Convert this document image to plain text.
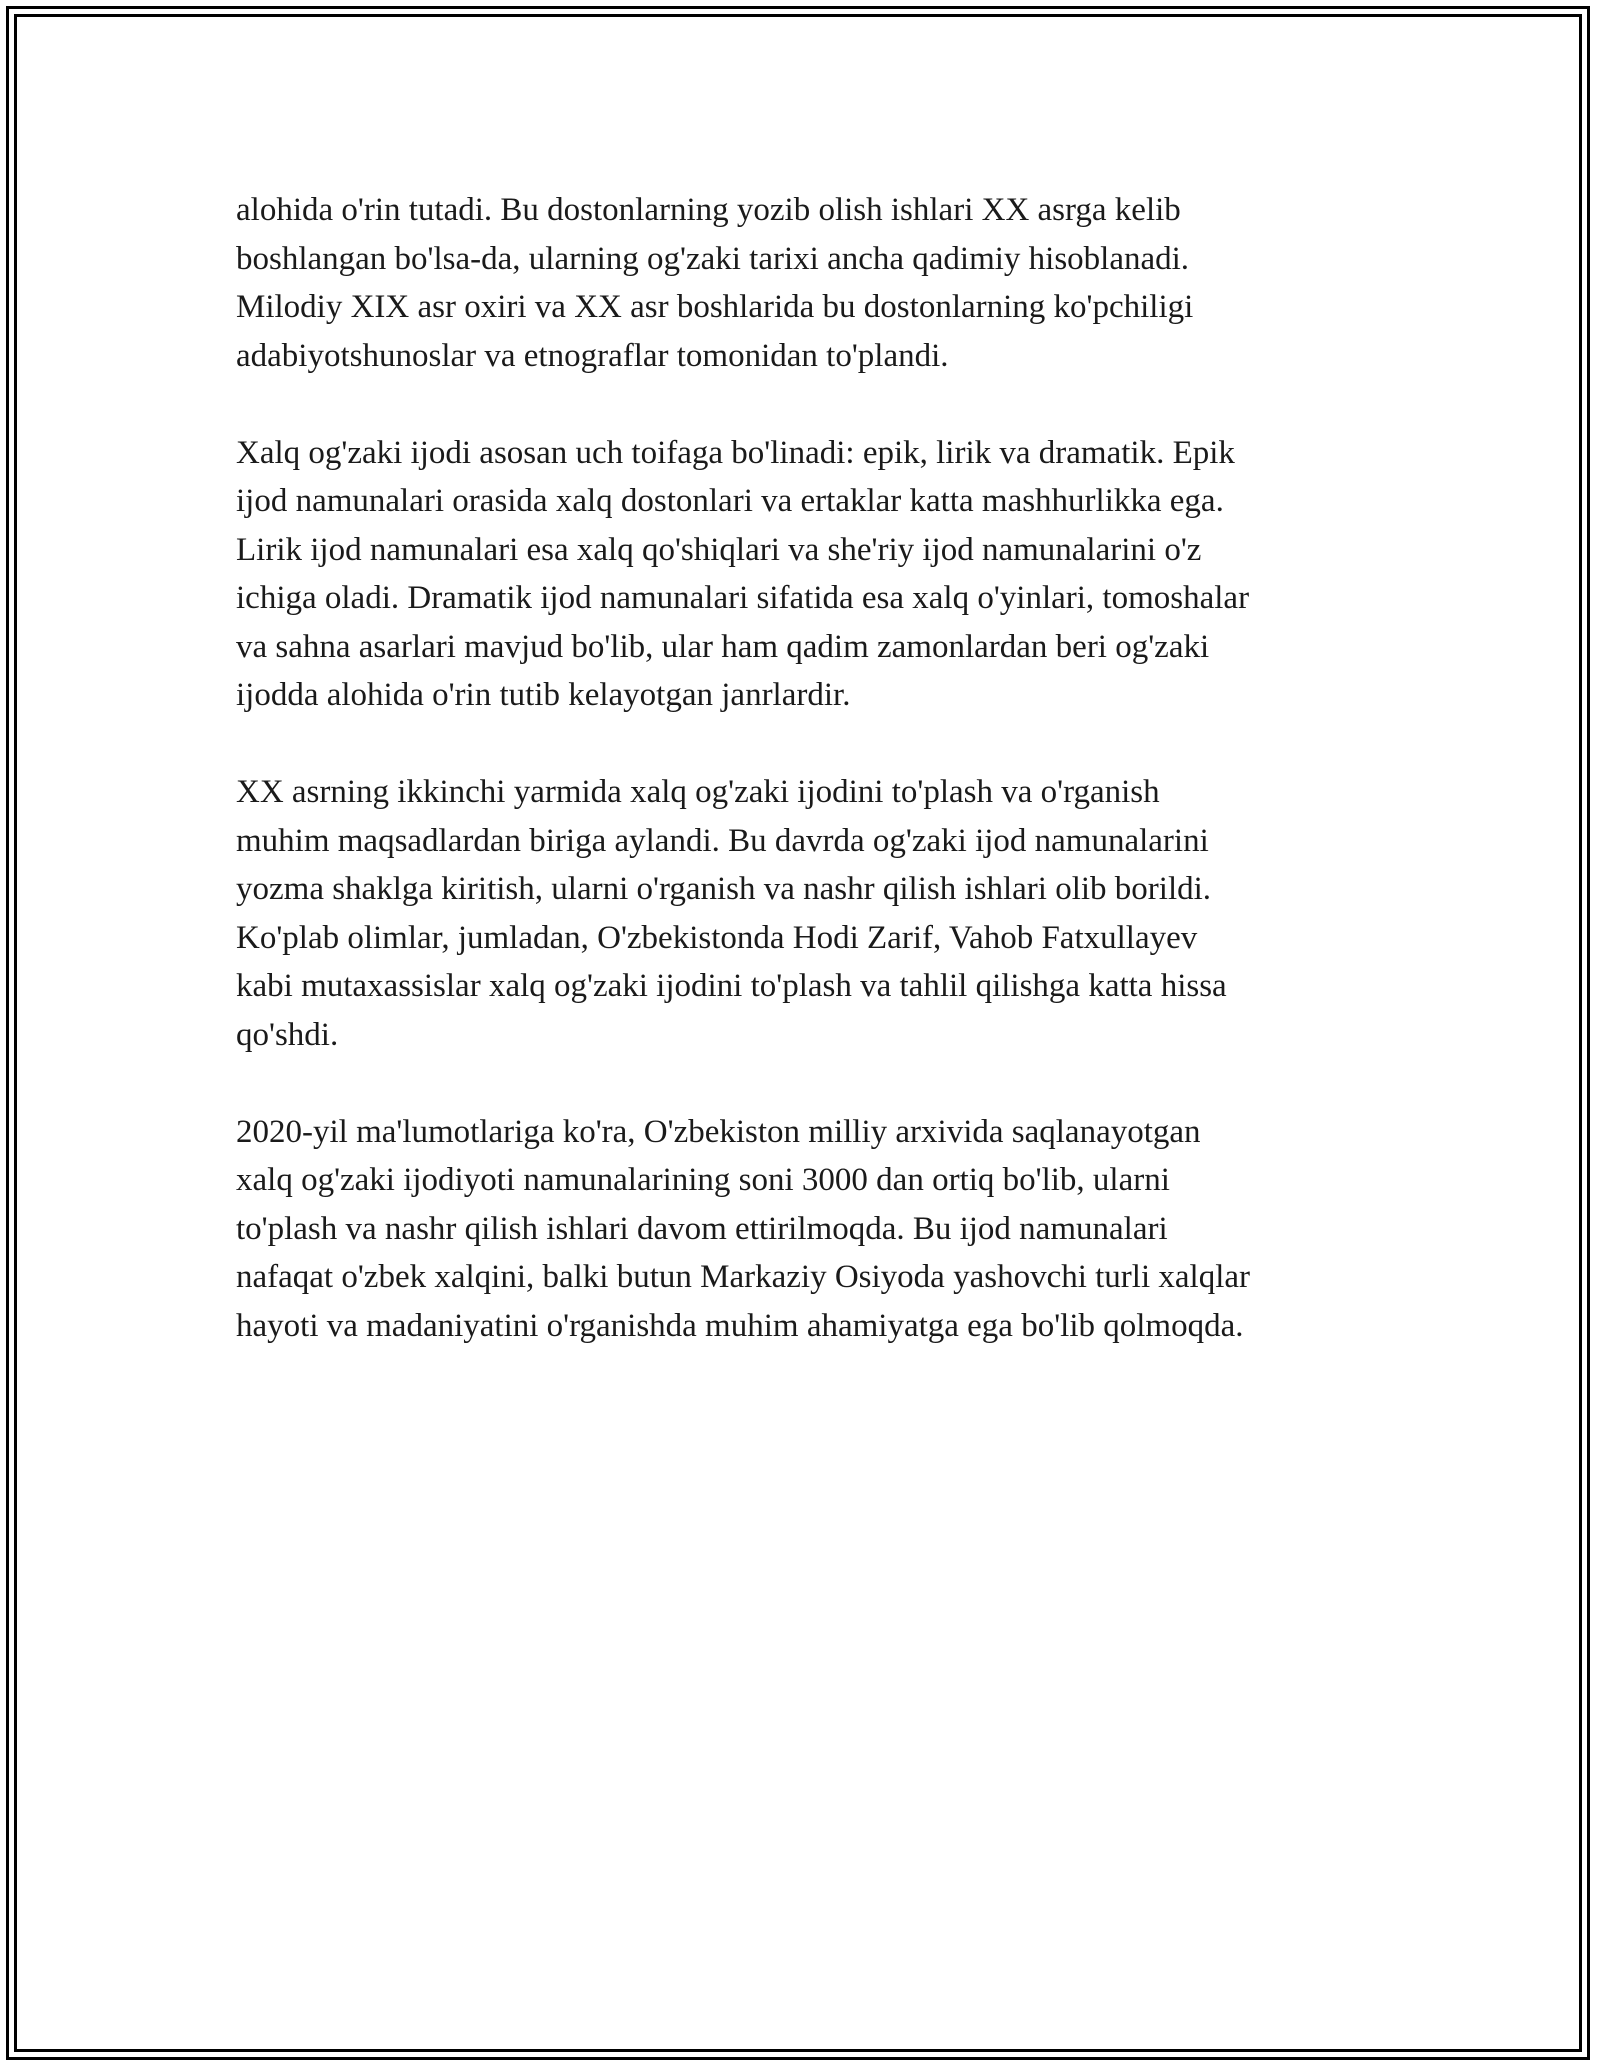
alohida o'rin tutadi. Bu dostonlarning yozib olish ishlari XX asrga kelib
boshlangan bo'lsa-da, ularning og'zaki tarixi ancha qadimiy hisoblanadi.
Milodiy XIX asr oxiri va XX asr boshlarida bu dostonlarning ko'pchiligi
adabiyotshunoslar va etnograflar tomonidan to'plandi.

Xalq og'zaki ijodi asosan uch toifaga bo'linadi: epik, lirik va dramatik. Epik
ijod namunalari orasida xalq dostonlari va ertaklar katta mashhurlikka ega.
Lirik ijod namunalari esa xalq qo'shiqlari va she'riy ijod namunalarini o'z
ichiga oladi. Dramatik ijod namunalari sifatida esa xalq o'yinlari, tomoshalar
va sahna asarlari mavjud bo'lib, ular ham qadim zamonlardan beri og'zaki
ijodda alohida o'rin tutib kelayotgan janrlardir.

XX asrning ikkinchi yarmida xalq og'zaki ijodini to'plash va o'rganish
muhim maqsadlardan biriga aylandi. Bu davrda og'zaki ijod namunalarini
yozma shaklga kiritish, ularni o'rganish va nashr qilish ishlari olib borildi.
Ko'plab olimlar, jumladan, O'zbekistonda Hodi Zarif, Vahob Fatxullayev
kabi mutaxassislar xalq og'zaki ijodini to'plash va tahlil qilishga katta hissa
qo'shdi.

2020-yil ma'lumotlariga ko'ra, O'zbekiston milliy arxivida saqlanayotgan
xalq og'zaki ijodiyoti namunalarining soni 3000 dan ortiq bo'lib, ularni
to'plash va nashr qilish ishlari davom ettirilmoqda. Bu ijod namunalari
nafaqat o'zbek xalqini, balki butun Markaziy Osiyoda yashovchi turli xalqlar
hayoti va madaniyatini o'rganishda muhim ahamiyatga ega bo'lib qolmoqda.
